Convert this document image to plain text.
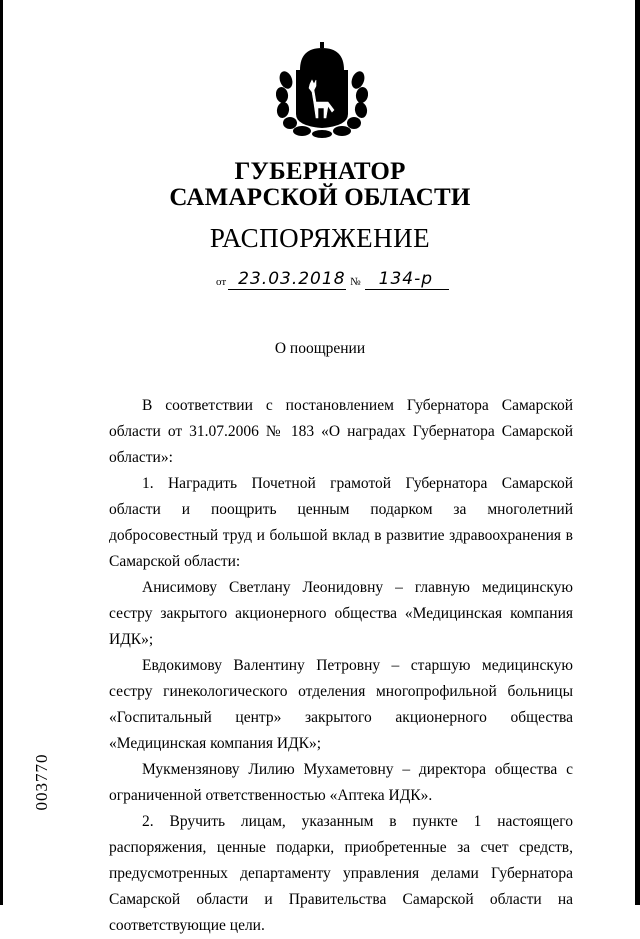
ГУБЕРНАТОР
САМАРСКОЙ ОБЛАСТИ
РАСПОРЯЖЕНИЕ
от 23.03.2018 №	134-р
О поощрении

В соответствии с постановлением Губернатора Самарской области от 31.07.2006 № 183 «О наградах Губернатора Самарской области»:

1. Наградить Почетной грамотой Губернатора Самарской области и поощрить ценным подарком за многолетний добросовестный труд и большой вклад в развитие здравоохранения в Самарской области:

Анисимову Светлану Леонидовну – главную медицинскую сестру закрытого акционерного общества «Медицинская компания ИДК»;

Евдокимову Валентину Петровну – старшую медицинскую сестру гинекологического отделения многопрофильной больницы «Госпитальный центр» закрытого акционерного общества «Медицинская компания ИДК»;

Мукмензянову Лилию Мухаметовну – директора общества с ограниченной ответственностью «Аптека ИДК».

2. Вручить лицам, указанным в пункте 1 настоящего распоряжения, ценные подарки, приобретенные за счет средств, предусмотренных департаменту управления делами Губернатора Самарской области и Правительства Самарской области на соответствующие цели.

003770
